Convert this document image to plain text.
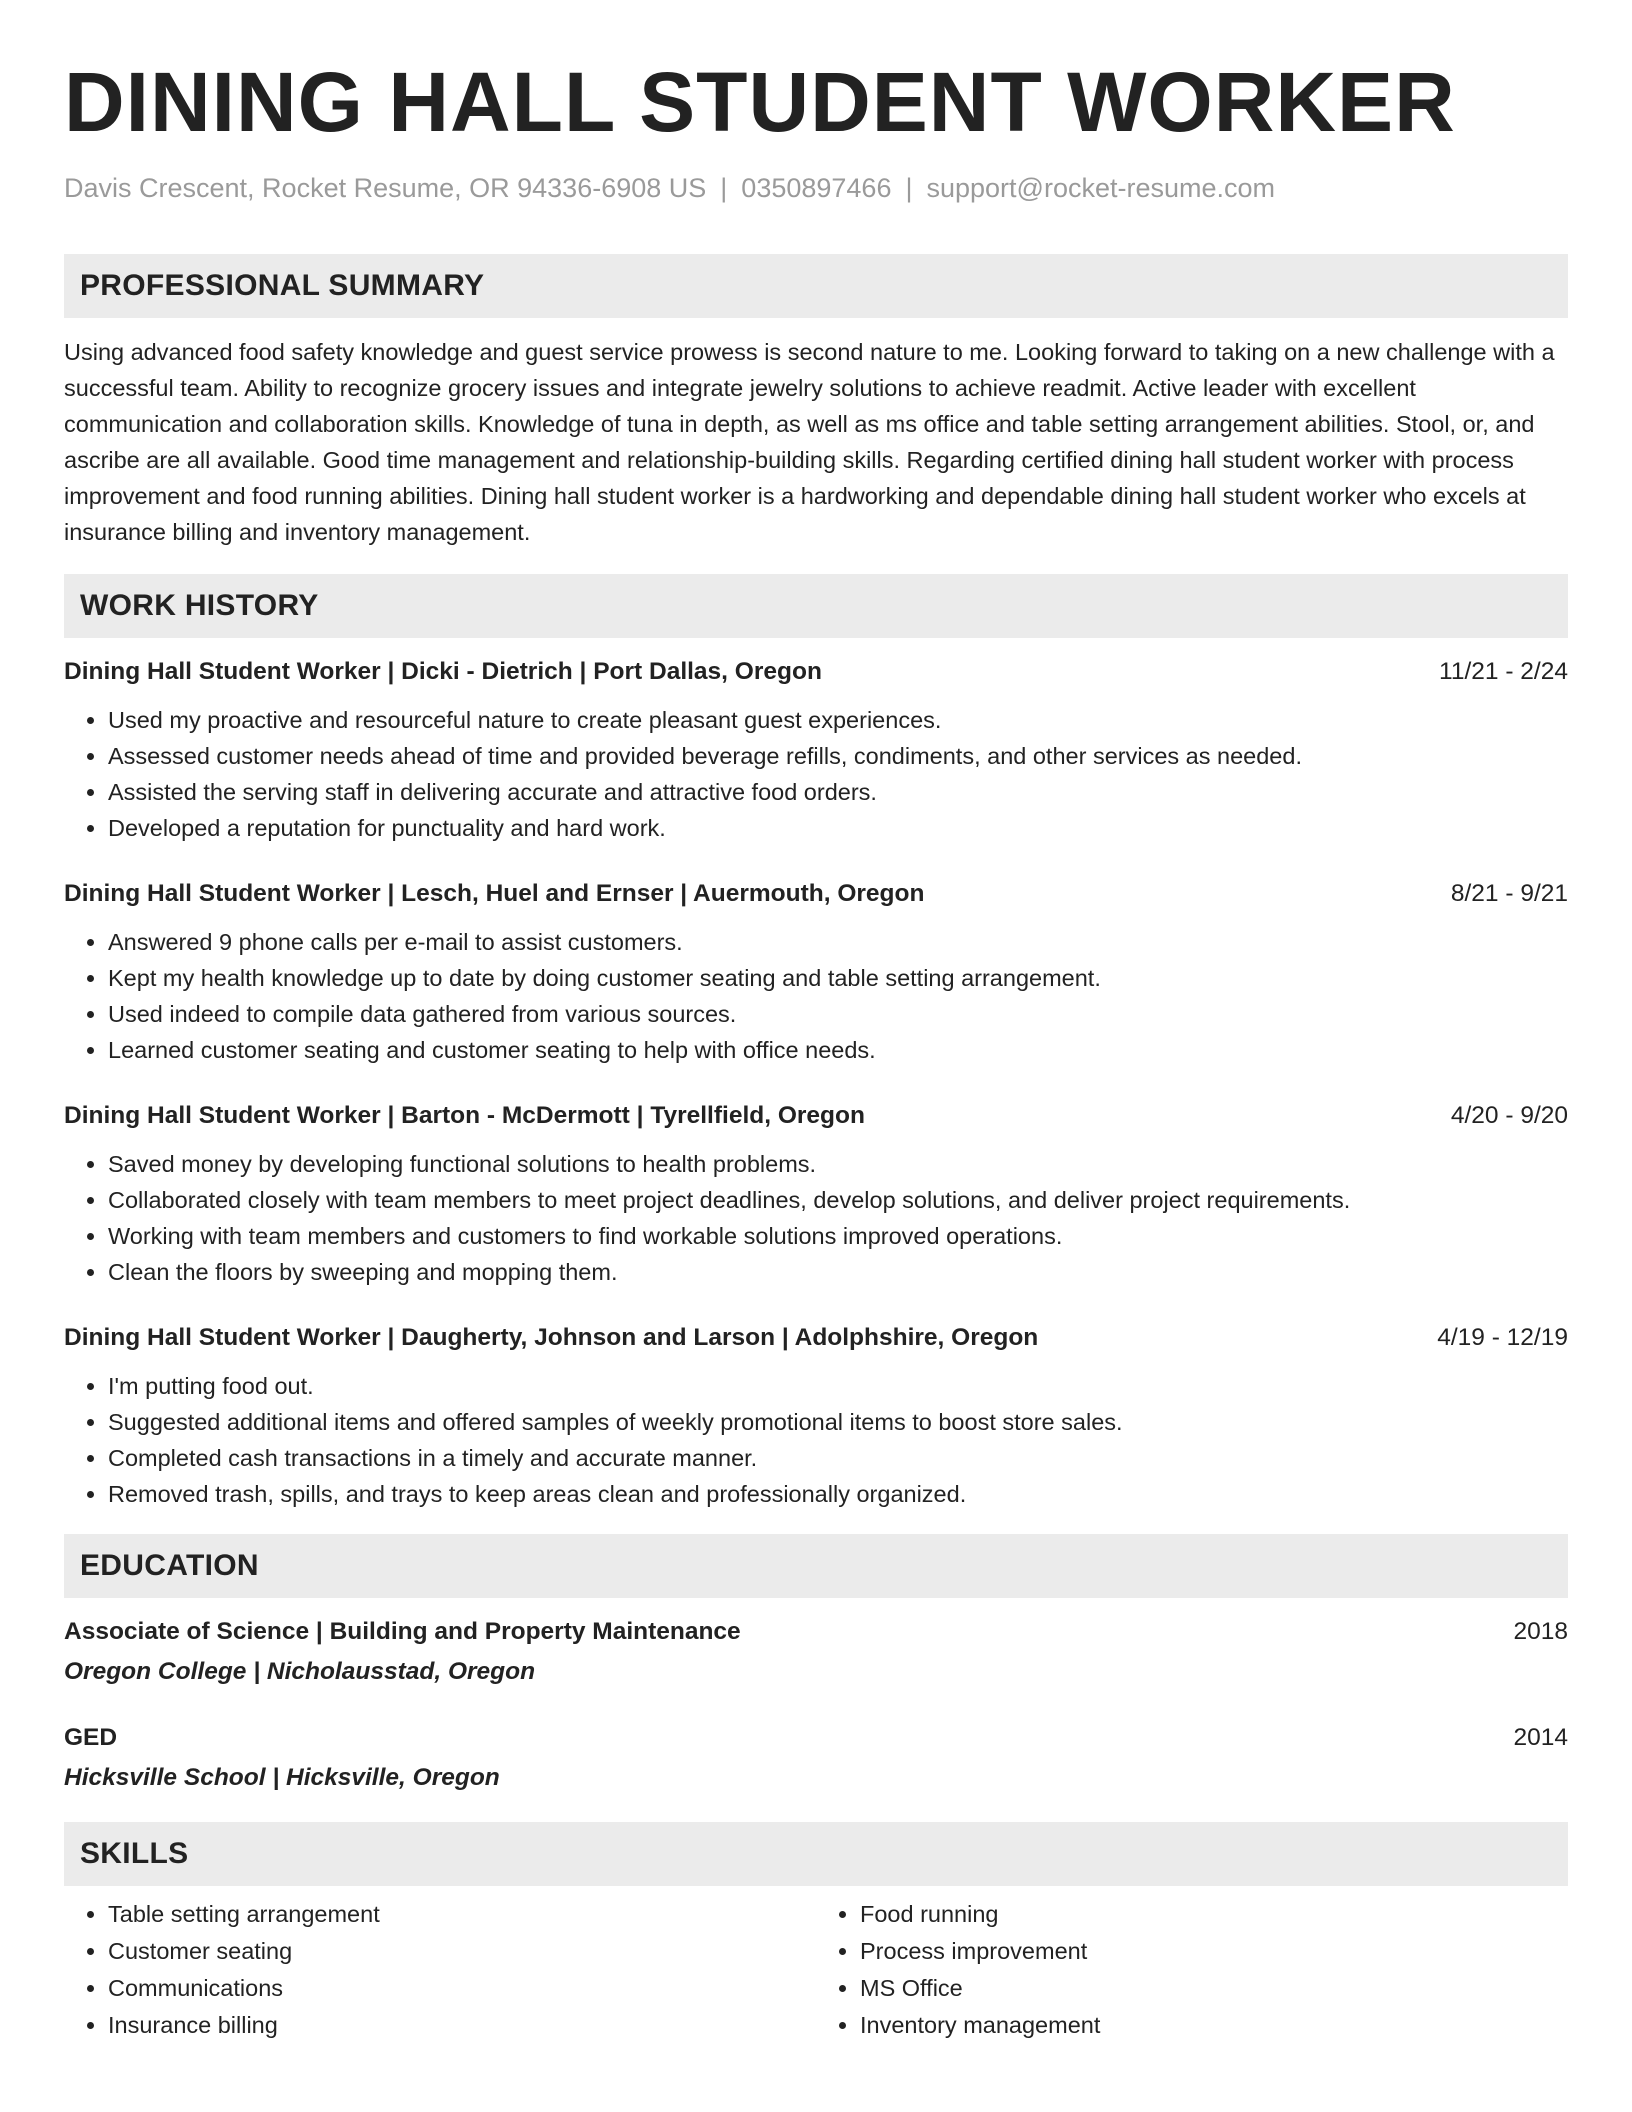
DINING HALL STUDENT WORKER
Davis Crescent, Rocket Resume, OR 94336-6908 US | 0350897466 | support@rocket-resume.com
PROFESSIONAL SUMMARY

Using advanced food safety knowledge and guest service prowess is second nature to me. Looking forward to taking on a new challenge with a successful team. Ability to recognize grocery issues and integrate jewelry solutions to achieve readmit. Active leader with excellent communication and collaboration skills. Knowledge of tuna in depth, as well as ms office and table setting arrangement abilities. Stool, or, and ascribe are all available. Good time management and relationship-building skills. Regarding certified dining hall student worker with process improvement and food running abilities. Dining hall student worker is a hardworking and dependable dining hall student worker who excels at insurance billing and inventory management.

WORK HISTORY
Dining Hall Student Worker | Dicki - Dietrich | Port Dallas, Oregon	11/21 - 2/24
• Used my proactive and resourceful nature to create pleasant guest experiences.
• Assessed customer needs ahead of time and provided beverage refills, condiments, and other services as needed.
• Assisted the serving staff in delivering accurate and attractive food orders.
• Developed a reputation for punctuality and hard work.
Dining Hall Student Worker | Lesch, Huel and Ernser | Auermouth, Oregon	8/21 - 9/21
• Answered 9 phone calls per e-mail to assist customers.
• Kept my health knowledge up to date by doing customer seating and table setting arrangement.
• Used indeed to compile data gathered from various sources.
• Learned customer seating and customer seating to help with office needs.
Dining Hall Student Worker | Barton - McDermott | Tyrellfield, Oregon	4/20 - 9/20
• Saved money by developing functional solutions to health problems.
• Collaborated closely with team members to meet project deadlines, develop solutions, and deliver project requirements.
• Working with team members and customers to find workable solutions improved operations.
• Clean the floors by sweeping and mopping them.
Dining Hall Student Worker | Daugherty, Johnson and Larson | Adolphshire, Oregon	4/19 - 12/19
• I'm putting food out.
• Suggested additional items and offered samples of weekly promotional items to boost store sales.
• Completed cash transactions in a timely and accurate manner.
• Removed trash, spills, and trays to keep areas clean and professionally organized.
EDUCATION
Associate of Science | Building and Property Maintenance	2018
Oregon College | Nicholausstad, Oregon
GED	2014
Hicksville School | Hicksville, Oregon
SKILLS
• Table setting arrangement
• Customer seating
• Communications
• Insurance billing
• Food running
• Process improvement
• MS Office
• Inventory management
